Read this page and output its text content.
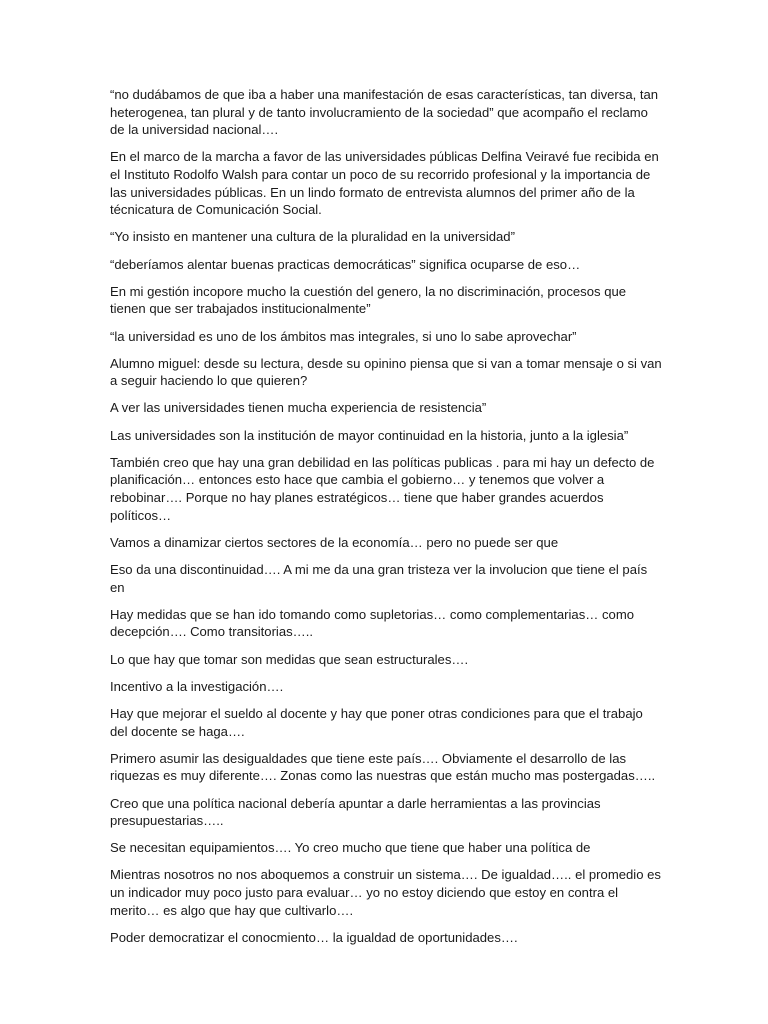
“no dudábamos de que iba a haber una manifestación de esas características, tan diversa, tan heterogenea, tan plural y de tanto involucramiento de la sociedad” que acompaño el reclamo de la universidad nacional….

En el marco de la marcha a favor de las universidades públicas Delfina Veiravé fue recibida en el Instituto Rodolfo Walsh para contar un poco de su recorrido profesional y la importancia de las universidades públicas. En un lindo formato de entrevista alumnos del primer año de la técnicatura de Comunicación Social.

“Yo insisto en mantener una cultura de la pluralidad en la universidad”

“deberíamos alentar buenas practicas democráticas” significa ocuparse de eso…

En mi gestión incopore mucho la cuestión del genero, la no discriminación, procesos que tienen que ser trabajados institucionalmente”

“la universidad es uno de los ámbitos mas integrales, si uno lo sabe aprovechar”

Alumno miguel: desde su lectura, desde su opinino piensa que si van a tomar mensaje o si van a seguir haciendo lo que quieren?

A ver las universidades tienen mucha experiencia de resistencia”

Las universidades son la institución de mayor continuidad en la historia, junto a la iglesia”

También creo que hay una gran debilidad en las políticas publicas . para mi hay un defecto de planificación… entonces esto hace que cambia el gobierno… y tenemos que volver a rebobinar…. Porque no hay planes estratégicos… tiene que haber grandes acuerdos políticos…

Vamos a dinamizar ciertos sectores de la economía… pero no puede ser que

Eso da una discontinuidad…. A mi me da una gran tristeza ver la involucion que tiene el país en

Hay medidas que se han ido tomando como supletorias… como complementarias… como decepción…. Como transitorias…..

Lo que hay que tomar son medidas que sean estructurales….

Incentivo a la investigación….

Hay que mejorar el sueldo al docente y hay que poner otras condiciones para que el trabajo del docente se haga….

Primero asumir las desigualdades que tiene este país…. Obviamente el desarrollo de las riquezas es muy diferente…. Zonas como las nuestras que están mucho mas postergadas…..

Creo que una política nacional debería apuntar a darle herramientas a las provincias presupuestarias…..

Se necesitan equipamientos…. Yo creo mucho que tiene que haber una política de

Mientras nosotros no nos aboquemos a construir un sistema…. De igualdad….. el promedio es un indicador muy poco justo para evaluar… yo no estoy diciendo que estoy en contra el merito… es algo que hay que cultivarlo….

Poder democratizar el conocmiento… la igualdad de oportunidades….
